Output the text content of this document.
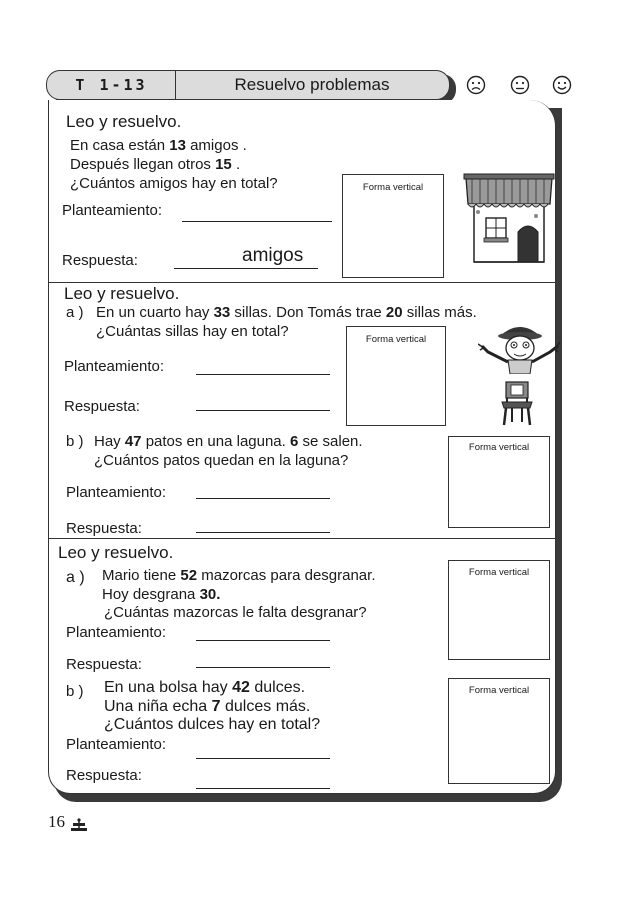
T 1-13	Resuelvo problemas
Leo y resuelvo.
En casa están 13 amigos .
Después llegan otros 15 .
¿Cuántos amigos hay en total?
Planteamiento:
Respuesta:	amigos
Forma vertical
Leo y resuelvo.
a ) En un cuarto hay 33 sillas. Don Tomás trae 20 sillas más.
¿Cuántas sillas hay en total?
Planteamiento:
Respuesta:
Forma vertical
b ) Hay 47 patos en una laguna. 6 se salen.
¿Cuántos patos quedan en la laguna?
Planteamiento:
Respuesta:
Forma vertical
Leo y resuelvo.
a ) Mario tiene 52 mazorcas para desgranar.
Hoy desgrana 30.
¿Cuántas mazorcas le falta desgranar?
Planteamiento:
Respuesta:
Forma vertical
b ) En una bolsa hay 42 dulces.
Una niña echa 7 dulces más.
¿Cuántos dulces hay en total?
Planteamiento:
Respuesta:
Forma vertical
16
